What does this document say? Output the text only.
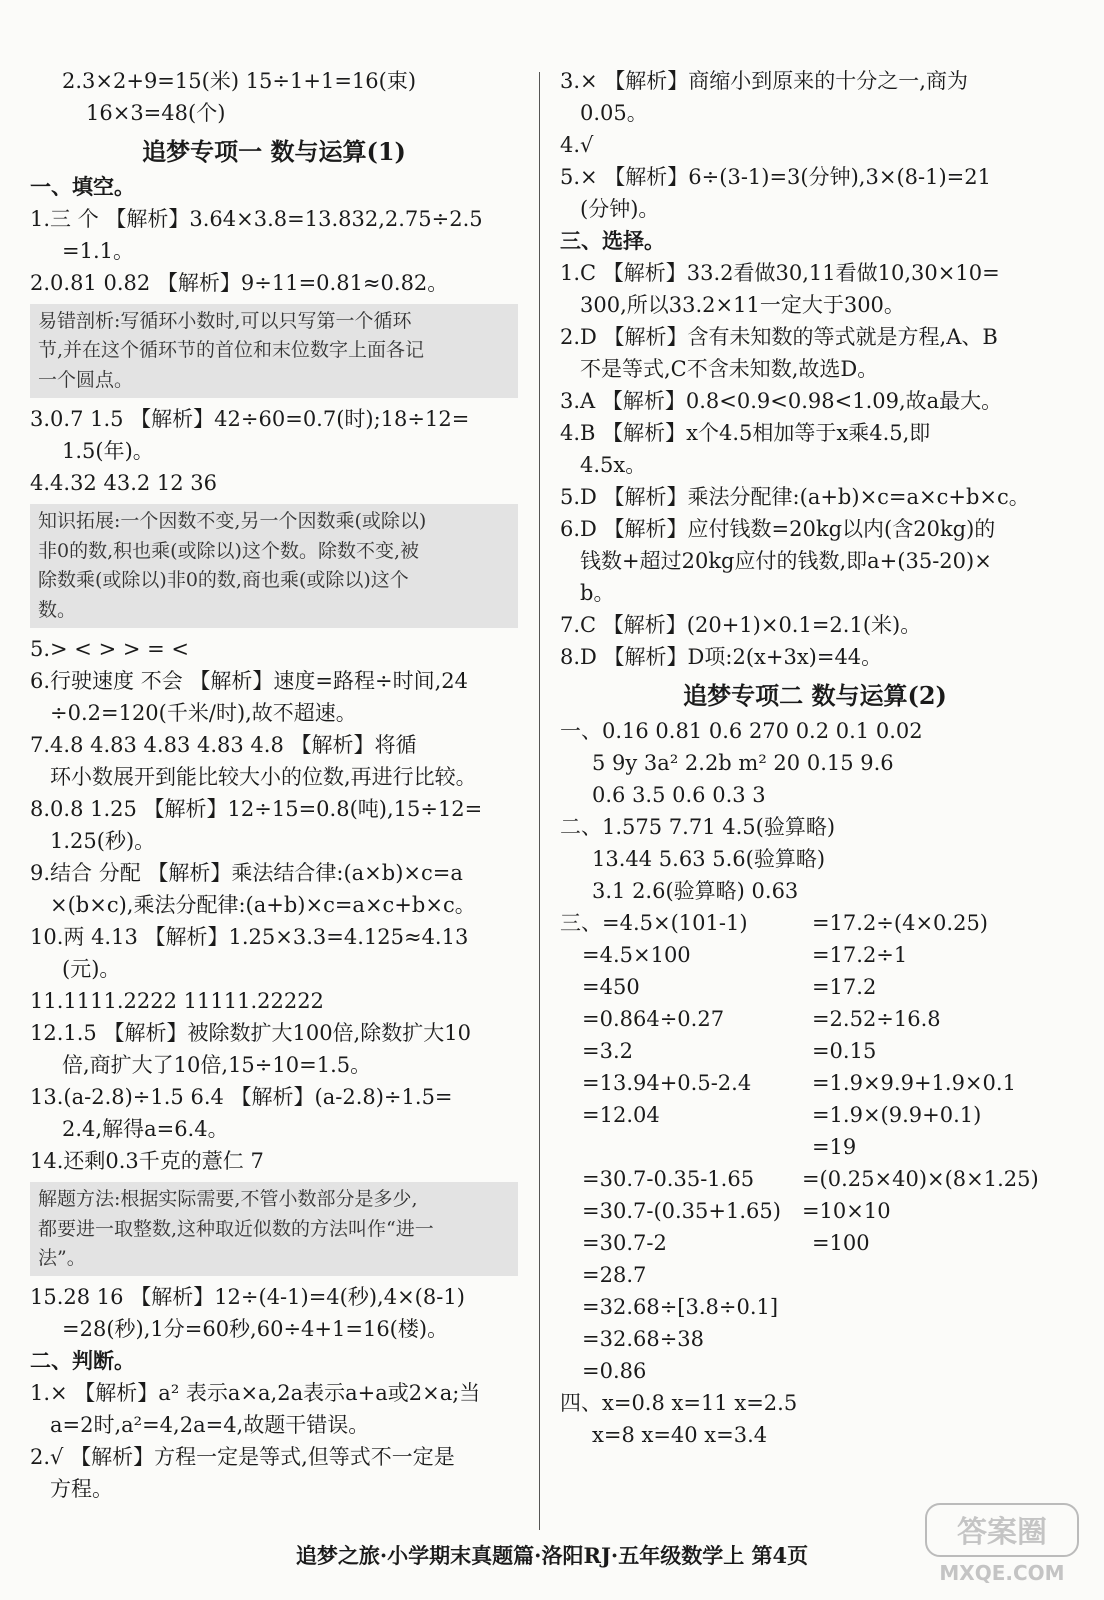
2.3×2+9=15(米) 15÷1+1=16(束)
16×3=48(个)
追梦专项一 数与运算(1)
一、填空。
1.三 个 【解析】3.64×3.8=13.832,2.75÷2.5
=1.1。
2.0.81 0.82 【解析】9÷11=0.81≈0.82。
易错剖析:写循环小数时,可以只写第一个循环
节,并在这个循环节的首位和末位数字上面各记
一个圆点。
3.0.7 1.5 【解析】42÷60=0.7(时);18÷12=
1.5(年)。
4.4.32 43.2 12 36
知识拓展:一个因数不变,另一个因数乘(或除以)
非0的数,积也乘(或除以)这个数。除数不变,被
除数乘(或除以)非0的数,商也乘(或除以)这个
数。
5.> < > > = <
6.行驶速度 不会 【解析】速度=路程÷时间,24
÷0.2=120(千米/时),故不超速。
7.4.8 4.83 4.83 4.83 4.8 【解析】将循
环小数展开到能比较大小的位数,再进行比较。
8.0.8 1.25 【解析】12÷15=0.8(吨),15÷12=
1.25(秒)。
9.结合 分配 【解析】乘法结合律:(a×b)×c=a
×(b×c),乘法分配律:(a+b)×c=a×c+b×c。
10.两 4.13 【解析】1.25×3.3=4.125≈4.13
(元)。
11.1111.2222 11111.22222
12.1.5 【解析】被除数扩大100倍,除数扩大10
倍,商扩大了10倍,15÷10=1.5。
13.(a-2.8)÷1.5 6.4 【解析】(a-2.8)÷1.5=
2.4,解得a=6.4。
14.还剩0.3千克的薏仁 7
解题方法:根据实际需要,不管小数部分是多少,
都要进一取整数,这种取近似数的方法叫作“进一
法”。
15.28 16 【解析】12÷(4-1)=4(秒),4×(8-1)
=28(秒),1分=60秒,60÷4+1=16(楼)。
二、判断。
1.× 【解析】a² 表示a×a,2a表示a+a或2×a;当
a=2时,a²=4,2a=4,故题干错误。
2.√ 【解析】方程一定是等式,但等式不一定是
方程。
3.× 【解析】商缩小到原来的十分之一,商为
0.05。
4.√
5.× 【解析】6÷(3-1)=3(分钟),3×(8-1)=21
(分钟)。
三、选择。
1.C 【解析】33.2看做30,11看做10,30×10=
300,所以33.2×11一定大于300。
2.D 【解析】含有未知数的等式就是方程,A、B
不是等式,C不含未知数,故选D。
3.A 【解析】0.8<0.9<0.98<1.09,故a最大。
4.B 【解析】x个4.5相加等于x乘4.5,即
4.5x。
5.D 【解析】乘法分配律:(a+b)×c=a×c+b×c。
6.D 【解析】应付钱数=20kg以内(含20kg)的
钱数+超过20kg应付的钱数,即a+(35-20)×
b。
7.C 【解析】(20+1)×0.1=2.1(米)。
8.D 【解析】D项:2(x+3x)=44。
追梦专项二 数与运算(2)
一、0.16 0.81 0.6 270 0.2 0.1 0.02
5 9y 3a² 2.2b m² 20 0.15 9.6
0.6 3.5 0.6 0.3 3
二、1.575 7.71 4.5(验算略)
13.44 5.63 5.6(验算略)
3.1 2.6(验算略) 0.63
三、=4.5×(101-1)	=17.2÷(4×0.25)
=4.5×100	=17.2÷1
=450	=17.2
=0.864÷0.27	=2.52÷16.8
=3.2	=0.15
=13.94+0.5-2.4	=1.9×9.9+1.9×0.1
=12.04	=1.9×(9.9+0.1)
	=19
=30.7-0.35-1.65	=(0.25×40)×(8×1.25)
=30.7-(0.35+1.65)	=10×10
=30.7-2	=100
=28.7	
=32.68÷[3.8÷0.1]	
=32.68÷38	
=0.86	
四、x=0.8 x=11 x=2.5
x=8 x=40 x=3.4
追梦之旅·小学期末真题篇·洛阳RJ·五年级数学上 第4页
答案圈
MXQE.COM
